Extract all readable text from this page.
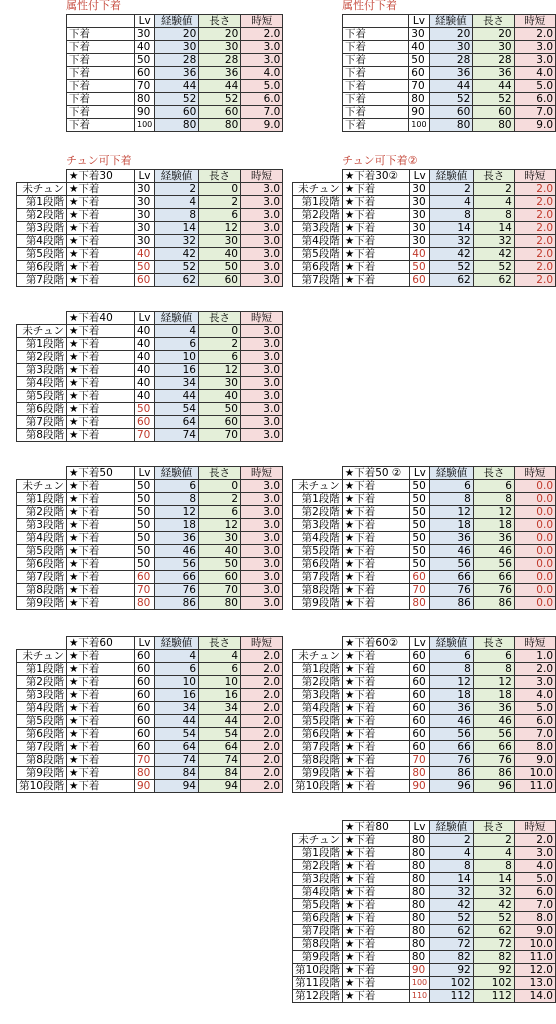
属性付下着
	Lv	経験値	長さ	時短
下着	30	20	20	2.0
下着	40	30	30	3.0
下着	50	28	28	3.0
下着	60	36	36	4.0
下着	70	44	44	5.0
下着	80	52	52	6.0
下着	90	60	60	7.0
下着	100	80	80	9.0
属性付下着
	Lv	経験値	長さ	時短
下着	30	20	20	2.0
下着	40	30	30	3.0
下着	50	28	28	3.0
下着	60	36	36	4.0
下着	70	44	44	5.0
下着	80	52	52	6.0
下着	90	60	60	7.0
下着	100	80	80	9.0
チュン可下着
	★下着30	Lv	経験値	長さ	時短
未チュン	★下着	30	2	0	3.0
第1段階	★下着	30	4	2	3.0
第2段階	★下着	30	8	6	3.0
第3段階	★下着	30	14	12	3.0
第4段階	★下着	30	32	30	3.0
第5段階	★下着	40	42	40	3.0
第6段階	★下着	50	52	50	3.0
第7段階	★下着	60	62	60	3.0
チュン可下着②
	★下着30②	Lv	経験値	長さ	時短
未チュン	★下着	30	2	2	2.0
第1段階	★下着	30	4	4	2.0
第2段階	★下着	30	8	8	2.0
第3段階	★下着	30	14	14	2.0
第4段階	★下着	30	32	32	2.0
第5段階	★下着	40	42	42	2.0
第6段階	★下着	50	52	52	2.0
第7段階	★下着	60	62	62	2.0
	★下着40	Lv	経験値	長さ	時短
未チュン	★下着	40	4	0	3.0
第1段階	★下着	40	6	2	3.0
第2段階	★下着	40	10	6	3.0
第3段階	★下着	40	16	12	3.0
第4段階	★下着	40	34	30	3.0
第5段階	★下着	40	44	40	3.0
第6段階	★下着	50	54	50	3.0
第7段階	★下着	60	64	60	3.0
第8段階	★下着	70	74	70	3.0
	★下着50	Lv	経験値	長さ	時短
未チュン	★下着	50	6	0	3.0
第1段階	★下着	50	8	2	3.0
第2段階	★下着	50	12	6	3.0
第3段階	★下着	50	18	12	3.0
第4段階	★下着	50	36	30	3.0
第5段階	★下着	50	46	40	3.0
第6段階	★下着	50	56	50	3.0
第7段階	★下着	60	66	60	3.0
第8段階	★下着	70	76	70	3.0
第9段階	★下着	80	86	80	3.0
	★下着50 ②	Lv	経験値	長さ	時短
未チュン	★下着	50	6	6	0.0
第1段階	★下着	50	8	8	0.0
第2段階	★下着	50	12	12	0.0
第3段階	★下着	50	18	18	0.0
第4段階	★下着	50	36	36	0.0
第5段階	★下着	50	46	46	0.0
第6段階	★下着	50	56	56	0.0
第7段階	★下着	60	66	66	0.0
第8段階	★下着	70	76	76	0.0
第9段階	★下着	80	86	86	0.0
	★下着60	Lv	経験値	長さ	時短
未チュン	★下着	60	4	4	2.0
第1段階	★下着	60	6	6	2.0
第2段階	★下着	60	10	10	2.0
第3段階	★下着	60	16	16	2.0
第4段階	★下着	60	34	34	2.0
第5段階	★下着	60	44	44	2.0
第6段階	★下着	60	54	54	2.0
第7段階	★下着	60	64	64	2.0
第8段階	★下着	70	74	74	2.0
第9段階	★下着	80	84	84	2.0
第10段階	★下着	90	94	94	2.0
	★下着60②	Lv	経験値	長さ	時短
未チュン	★下着	60	6	6	1.0
第1段階	★下着	60	8	8	2.0
第2段階	★下着	60	12	12	3.0
第3段階	★下着	60	18	18	4.0
第4段階	★下着	60	36	36	5.0
第5段階	★下着	60	46	46	6.0
第6段階	★下着	60	56	56	7.0
第7段階	★下着	60	66	66	8.0
第8段階	★下着	70	76	76	9.0
第9段階	★下着	80	86	86	10.0
第10段階	★下着	90	96	96	11.0
	★下着80	Lv	経験値	長さ	時短
未チュン	★下着	80	2	2	2.0
第1段階	★下着	80	4	4	3.0
第2段階	★下着	80	8	8	4.0
第3段階	★下着	80	14	14	5.0
第4段階	★下着	80	32	32	6.0
第5段階	★下着	80	42	42	7.0
第6段階	★下着	80	52	52	8.0
第7段階	★下着	80	62	62	9.0
第8段階	★下着	80	72	72	10.0
第9段階	★下着	80	82	82	11.0
第10段階	★下着	90	92	92	12.0
第11段階	★下着	100	102	102	13.0
第12段階	★下着	110	112	112	14.0
